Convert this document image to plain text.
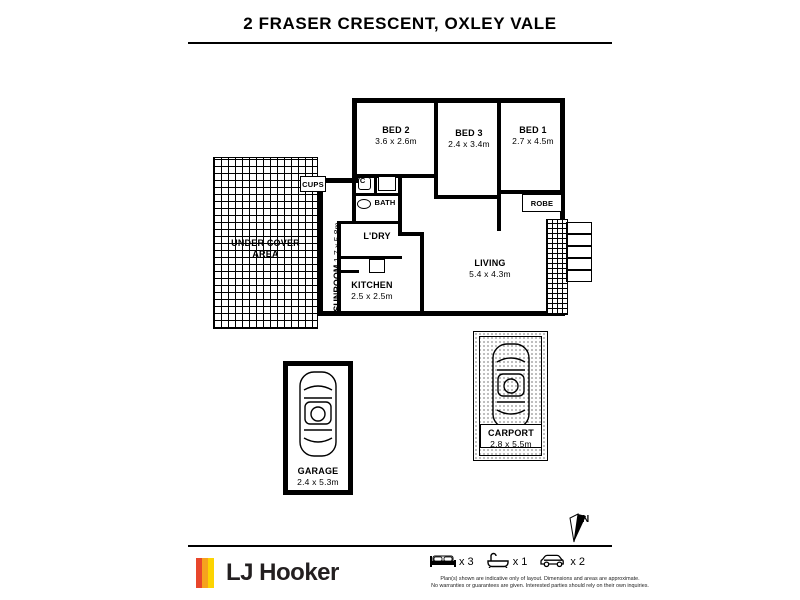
2 FRASER CRESCENT, OXLEY VALE
UNDER COVER
AREA
ROBE
BATH
WC
CUPS
L'DRY
KITCHEN
2.5 x 2.5m
LIVING
5.4 x 4.3m
BED 2
3.6 x 2.6m
BED 3
2.4 x 3.4m
BED 1
2.7 x 4.5m
SUNROOM 1.7 x 5.8m
GARAGE
2.4 x 5.3m
CARPORT
2.8 x 5.5m
N
LJ Hooker	x 3	x 1	x 2
Plan(s) shown are indicative only of layout. Dimensions and areas are approximate.
No warranties or guarantees are given. Interested parties should rely on their own inquiries.
